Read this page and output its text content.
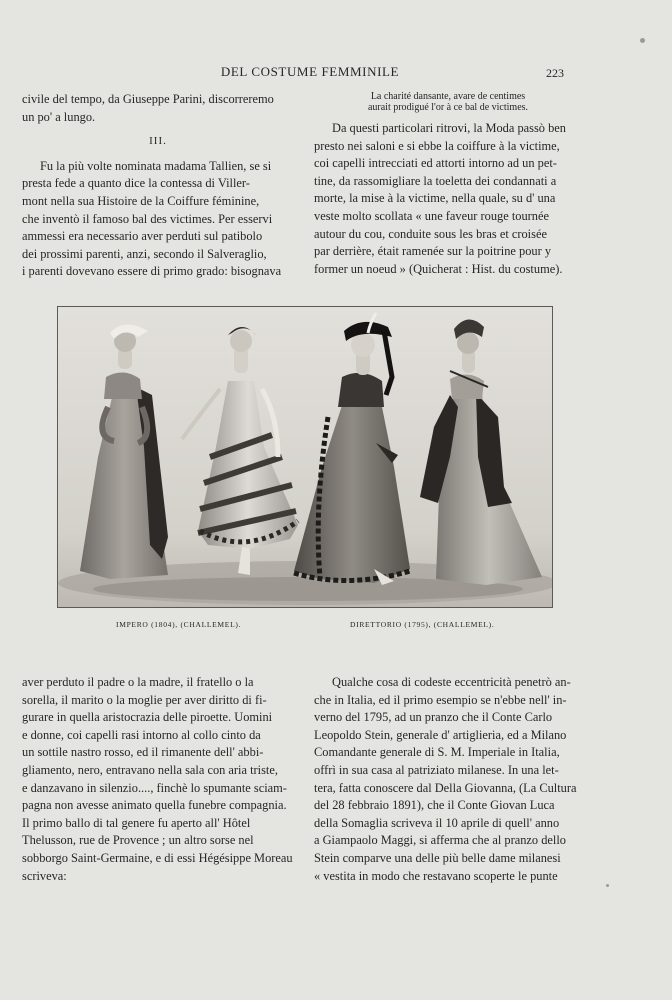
DEL COSTUME FEMMINILE	223
civile del tempo, da Giuseppe Parini, discorreremo
un po' a lungo.
III.
Fu la più volte nominata madama Tallien, se si
presta fede a quanto dice la contessa di Viller-
mont nella sua Histoire de la Coiffure féminine,
che inventò il famoso bal des victimes. Per esservi
ammessi era necessario aver perduti sul patibolo
dei prossimi parenti, anzi, secondo il Salveraglio,
i parenti dovevano essere di primo grado: bisognava
La charité dansante, avare de centimes
aurait prodigué l'or à ce bal de victimes.
Da questi particolari ritrovi, la Moda passò ben
presto nei saloni e si ebbe la coiffure à la victime,
coi capelli intrecciati ed attorti intorno ad un pet-
tine, da rassomigliare la toeletta dei condannati a
morte, la mise à la victime, nella quale, su d' una
veste molto scollata « une faveur rouge tournée
autour du cou, conduite sous les bras et croisée
par derrière, était ramenée sur la poitrine pour y
former un noeud » (Quicherat : Hist. du costume).
IMPERO (1804), (CHALLEMEL).	DIRETTORIO (1795), (CHALLEMEL).
aver perduto il padre o la madre, il fratello o la
sorella, il marito o la moglie per aver diritto di fi-
gurare in quella aristocrazia delle piroette. Uomini
e donne, coi capelli rasi intorno al collo cinto da
un sottile nastro rosso, ed il rimanente dell' abbi-
gliamento, nero, entravano nella sala con aria triste,
e danzavano in silenzio...., finchè lo spumante sciam-
pagna non avesse animato quella funebre compagnia.
Il primo ballo di tal genere fu aperto all' Hôtel
Thelusson, rue de Provence ; un altro sorse nel
sobborgo Saint-Germaine, e di essi Hégésippe Moreau
scriveva:
Qualche cosa di codeste eccentricità penetrò an-
che in Italia, ed il primo esempio se n'ebbe nell' in-
verno del 1795, ad un pranzo che il Conte Carlo
Leopoldo Stein, generale d' artiglieria, ed a Milano
Comandante generale di S. M. Imperiale in Italia,
offrì in sua casa al patriziato milanese. In una let-
tera, fatta conoscere dal Della Giovanna, (La Cultura
del 28 febbraio 1891), che il Conte Giovan Luca
della Somaglia scriveva il 10 aprile di quell' anno
a Giampaolo Maggi, si afferma che al pranzo dello
Stein comparve una delle più belle dame milanesi
« vestita in modo che restavano scoperte le punte
